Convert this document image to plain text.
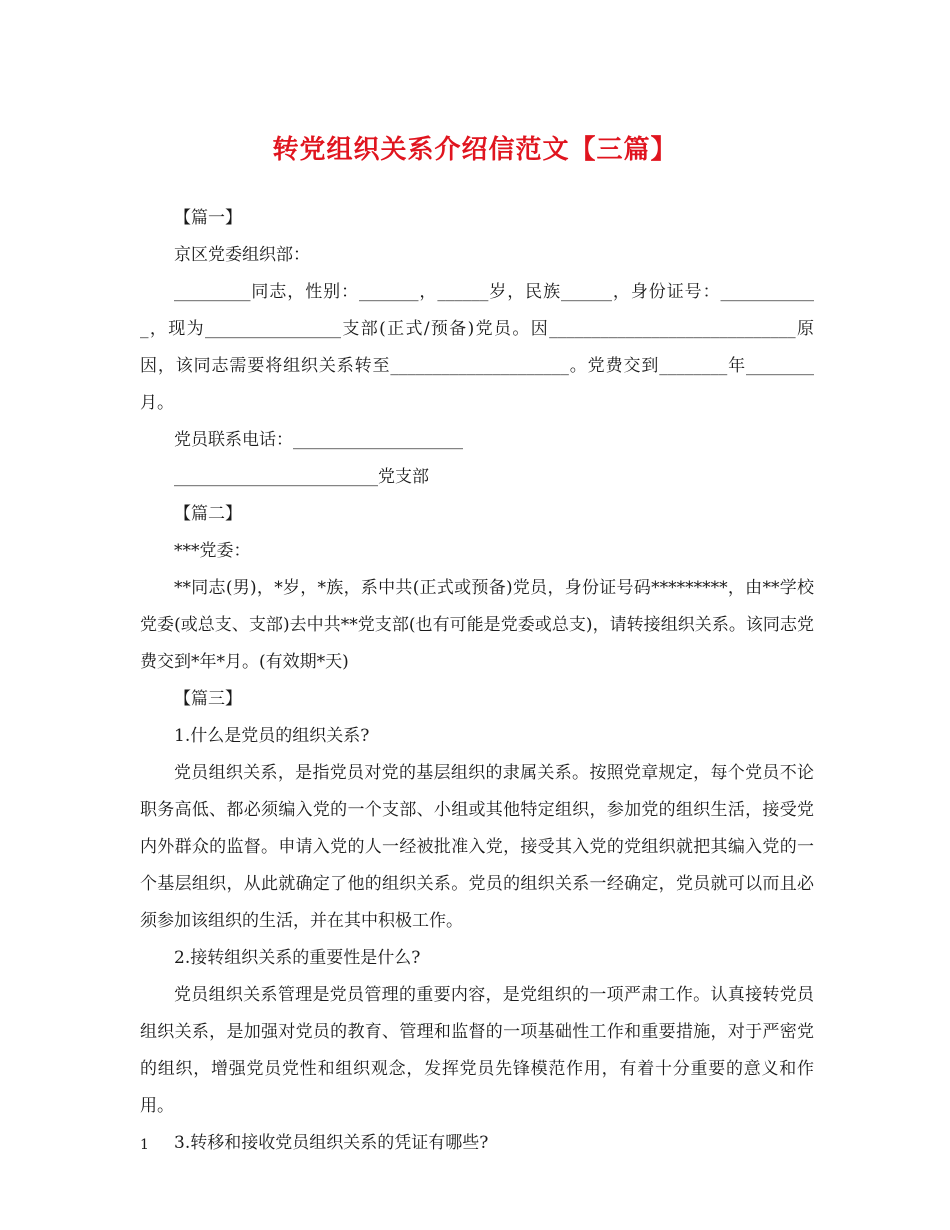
转党组织关系介绍信范文【三篇】

【篇一】

京区党委组织部：

_________同志，性别：_______，______岁，民族______，身份证号：____________，现为________________支部(正式/预备)党员。因_____________________________原因，该同志需要将组织关系转至_____________________。党费交到________年________月。

党员联系电话：____________________

________________________党支部

【篇二】

***党委：

**同志(男)，*岁，*族，系中共(正式或预备)党员，身份证号码*********，由**学校党委(或总支、支部)去中共**党支部(也有可能是党委或总支)，请转接组织关系。该同志党费交到*年*月。(有效期*天)

【篇三】

1.什么是党员的组织关系?

党员组织关系，是指党员对党的基层组织的隶属关系。按照党章规定，每个党员不论职务高低、都必须编入党的一个支部、小组或其他特定组织，参加党的组织生活，接受党内外群众的监督。申请入党的人一经被批准入党，接受其入党的党组织就把其编入党的一个基层组织，从此就确定了他的组织关系。党员的组织关系一经确定，党员就可以而且必须参加该组织的生活，并在其中积极工作。

2.接转组织关系的重要性是什么?

党员组织关系管理是党员管理的重要内容，是党组织的一项严肃工作。认真接转党员组织关系，是加强对党员的教育、管理和监督的一项基础性工作和重要措施，对于严密党的组织，增强党员党性和组织观念，发挥党员先锋模范作用，有着十分重要的意义和作用。

3.转移和接收党员组织关系的凭证有哪些?

1
